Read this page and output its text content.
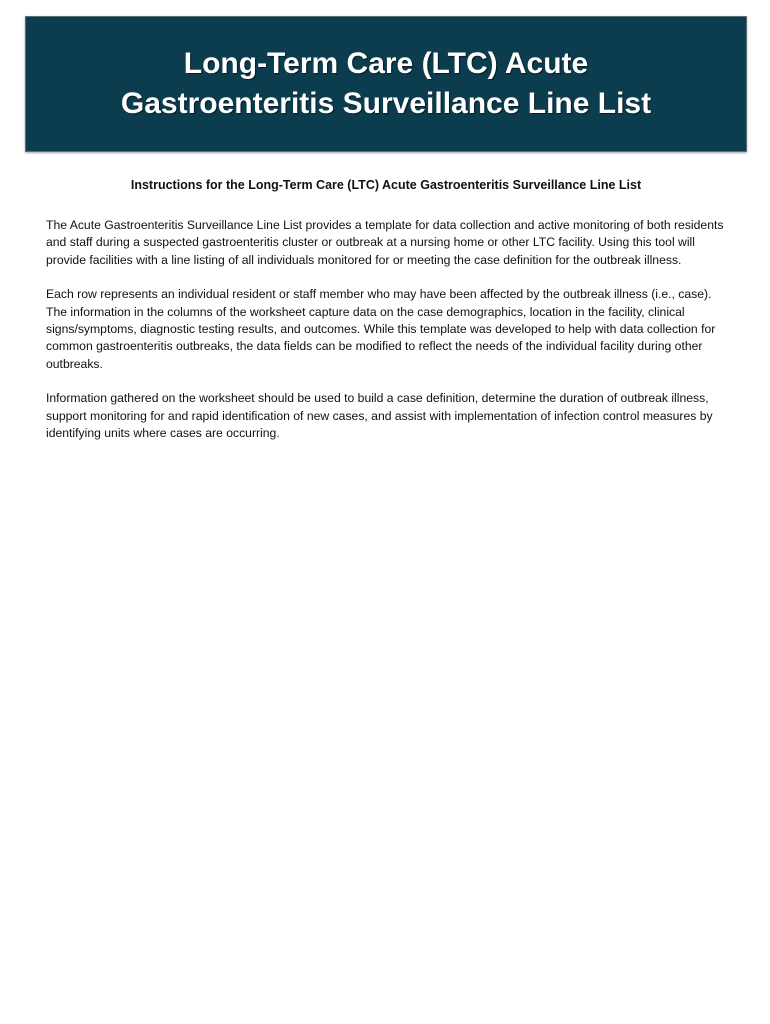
Long-Term Care (LTC) Acute
Gastroenteritis Surveillance Line List
Instructions for the Long-Term Care (LTC) Acute Gastroenteritis Surveillance Line List

The Acute Gastroenteritis Surveillance Line List provides a template for data collection and active monitoring of both residents and staff during a suspected gastroenteritis cluster or outbreak at a nursing home or other LTC facility. Using this tool will provide facilities with a line listing of all individuals monitored for or meeting the case definition for the outbreak illness.

Each row represents an individual resident or staff member who may have been affected by the outbreak illness (i.e., case). The information in the columns of the worksheet capture data on the case demographics, location in the facility, clinical signs/symptoms, diagnostic testing results, and outcomes. While this template was developed to help with data collection for common gastroenteritis outbreaks, the data fields can be modified to reflect the needs of the individual facility during other outbreaks.

Information gathered on the worksheet should be used to build a case definition, determine the duration of outbreak illness, support monitoring for and rapid identification of new cases, and assist with implementation of infection control measures by identifying units where cases are occurring.
